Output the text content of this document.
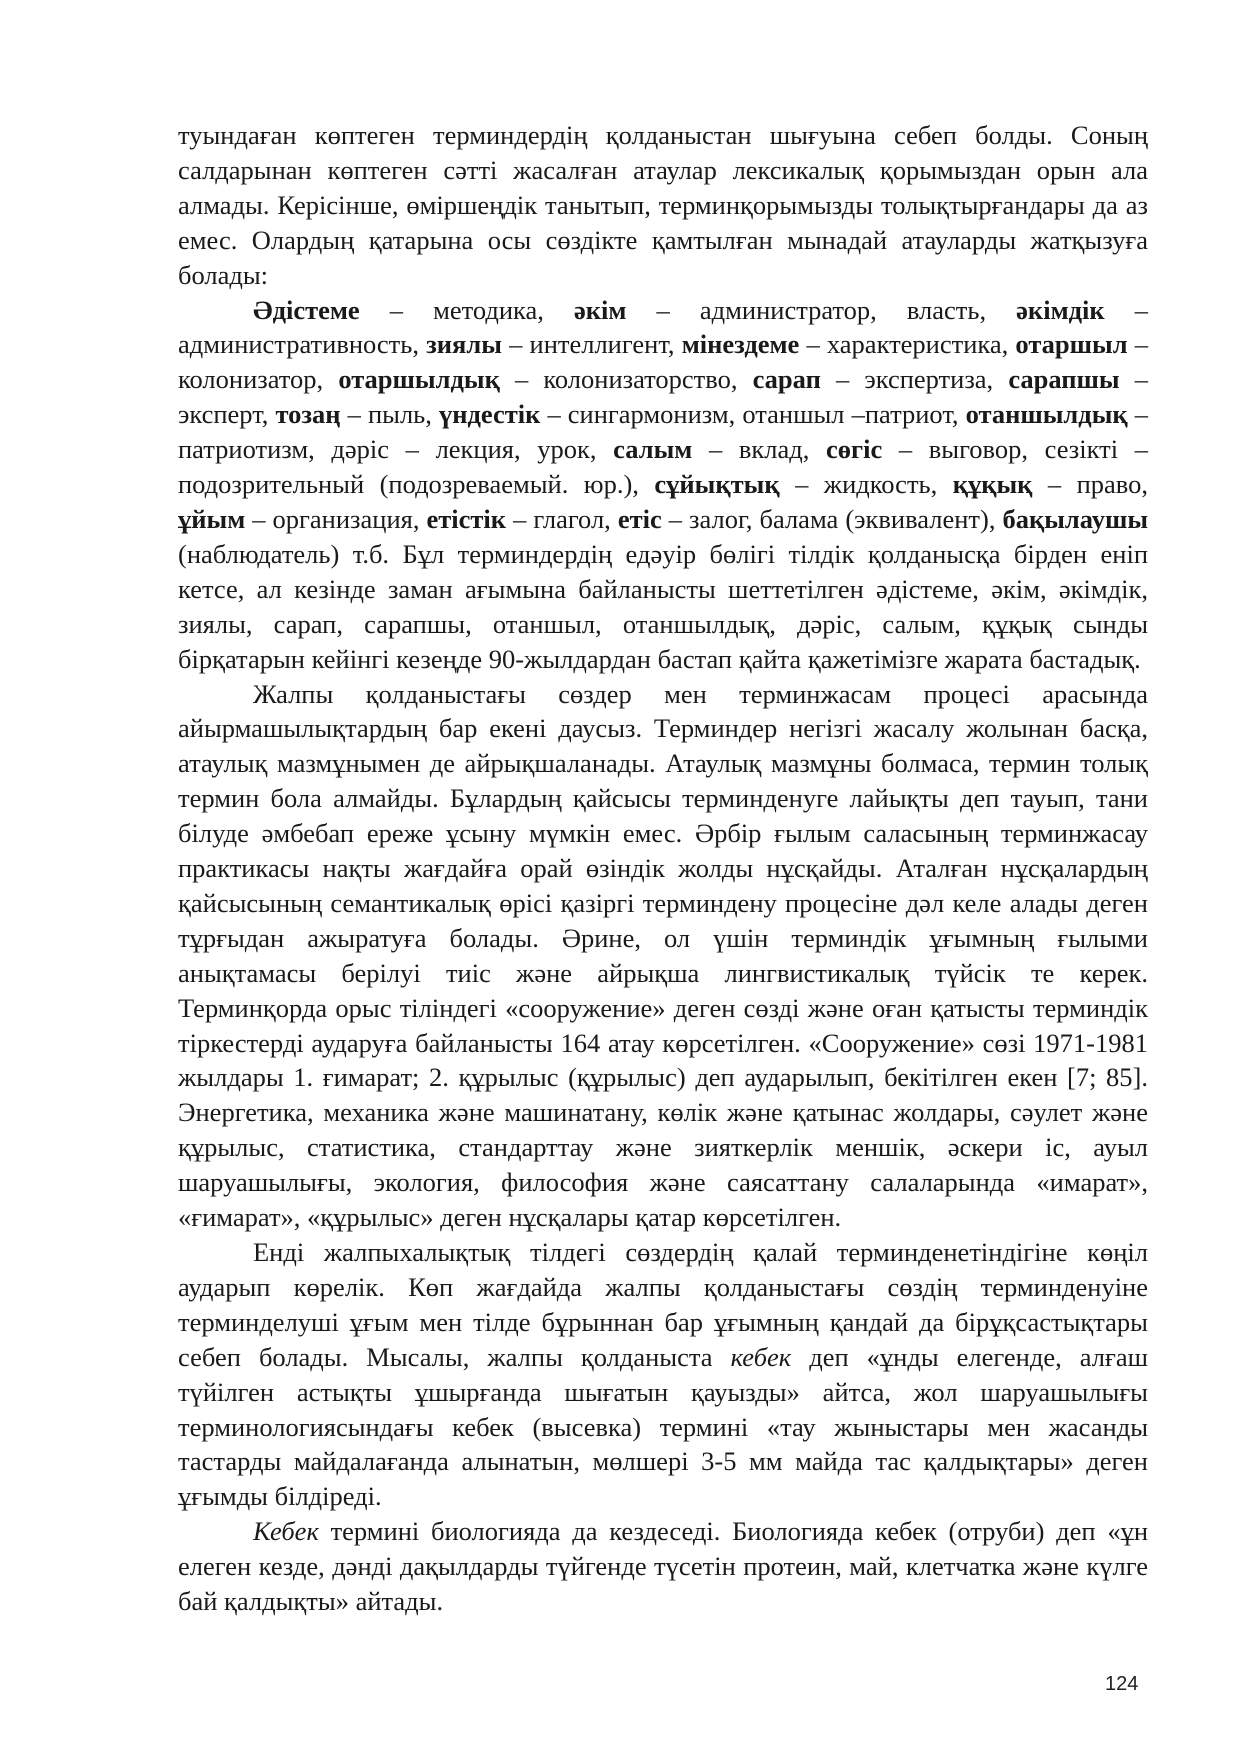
туындаған көптеген терминдердің қолданыстан шығуына себеп болды. Соның салдарынан көптеген сәтті жасалған атаулар лексикалық қорымыздан орын ала алмады. Керісінше, өміршеңдік танытып, терминқорымызды толықтырғандары да аз емес. Олардың қатарына осы сөздікте қамтылған мынадай атауларды жатқызуға болады:

Әдістеме – методика, әкім – администратор, власть, әкімдік – административность, зиялы – интеллигент, мінездеме – характеристика, отаршыл – колонизатор, отаршылдық – колонизаторство, сарап – экспертиза, сарапшы – эксперт, тозаң – пыль, үндестік – сингармонизм, отаншыл –патриот, отаншылдық – патриотизм, дәріс – лекция, урок, салым – вклад, сөгіс – выговор, сезікті – подозрительный (подозреваемый. юр.), сұйықтық – жидкость, құқық – право, ұйым – организация, етістік – глагол, етіс – залог, балама (эквивалент), бақылаушы (наблюдатель) т.б. Бұл терминдердің едәуір бөлігі тілдік қолданысқа бірден еніп кетсе, ал кезінде заман ағымына байланысты шеттетілген әдістеме, әкім, әкімдік, зиялы, сарап, сарапшы, отаншыл, отаншылдық, дәріс, салым, құқық сынды бірқатарын кейінгі кезеңде 90-жылдардан бастап қайта қажетімізге жарата бастадық.

Жалпы қолданыстағы сөздер мен терминжасам процесі арасында айырмашылықтардың бар екені даусыз. Терминдер негізгі жасалу жолынан басқа, атаулық мазмұнымен де айрықшаланады. Атаулық мазмұны болмаса, термин толық термин бола алмайды. Бұлардың қайсысы терминденуге лайықты деп тауып, тани білуде әмбебап ереже ұсыну мүмкін емес. Әрбір ғылым саласының терминжасау практикасы нақты жағдайға орай өзіндік жолды нұсқайды. Аталған нұсқалардың қайсысының семантикалық өрісі қазіргі терминдену процесіне дәл келе алады деген тұрғыдан ажыратуға болады. Әрине, ол үшін терминдік ұғымның ғылыми анықтамасы берілуі тиіс және айрықша лингвистикалық түйсік те керек. Терминқорда орыс тіліндегі «сооружение» деген сөзді және оған қатысты терминдік тіркестерді аударуға байланысты 164 атау көрсетілген. «Сооружение» сөзі 1971-1981 жылдары 1. ғимарат; 2. құрылыс (құрылыс) деп аударылып, бекітілген екен [7; 85]. Энергетика, механика және машинатану, көлік және қатынас жолдары, сәулет және құрылыс, статистика, стандарттау және зияткерлік меншік, әскери іс, ауыл шаруашылығы, экология, философия және саясаттану салаларында «имарат», «ғимарат», «құрылыс» деген нұсқалары қатар көрсетілген.

Енді жалпыхалықтық тілдегі сөздердің қалай терминденетіндігіне көңіл аударып көрелік. Көп жағдайда жалпы қолданыстағы сөздің терминденуіне терминделуші ұғым мен тілде бұрыннан бар ұғымның қандай да бірұқсастықтары себеп болады. Мысалы, жалпы қолданыста кебек деп «ұнды елегенде, алғаш түйілген астықты ұшырғанда шығатын қауызды» айтса, жол шаруашылығы терминологиясындағы кебек (высевка) термині «тау жыныстары мен жасанды тастарды майдалағанда алынатын, мөлшері 3-5 мм майда тас қалдықтары» деген ұғымды білдіреді.

Кебек термині биологияда да кездеседі. Биологияда кебек (отруби) деп «ұн елеген кезде, дәнді дақылдарды түйгенде түсетін протеин, май, клетчатка және күлге бай қалдықты» айтады.

124
